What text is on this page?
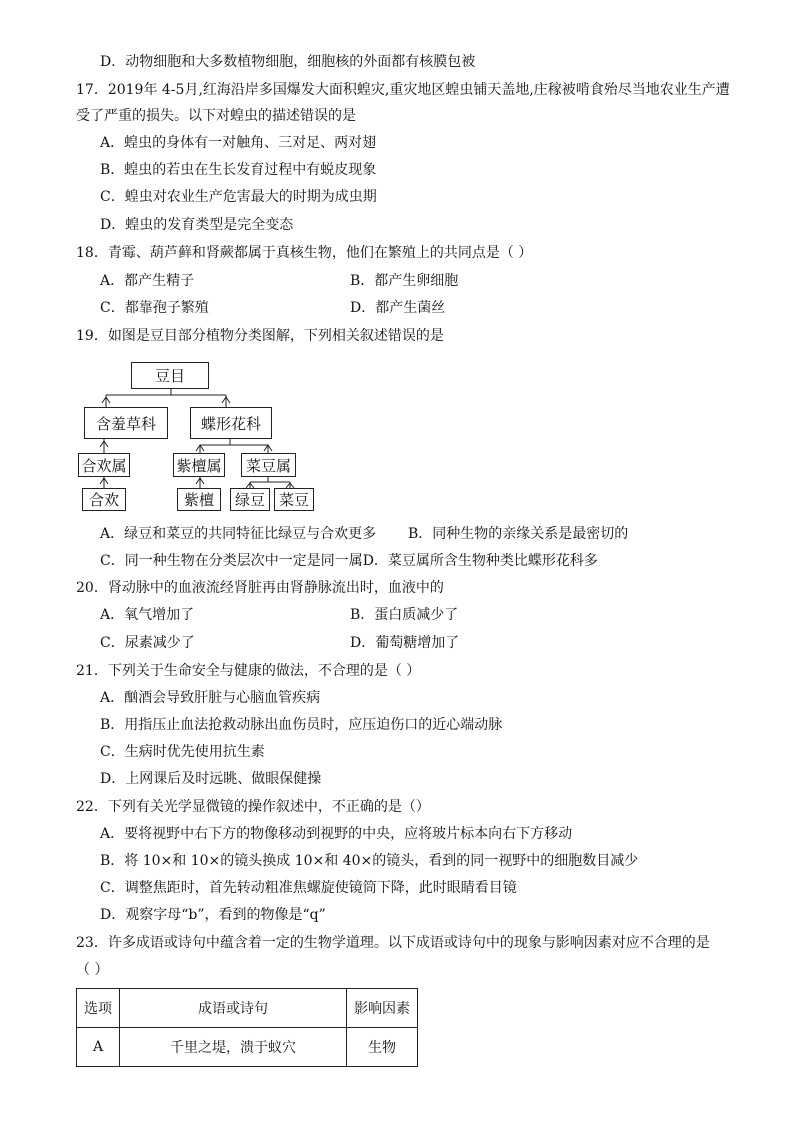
D．动物细胞和大多数植物细胞，细胞核的外面都有核膜包被
17．2019年 4-5月,红海沿岸多国爆发大面积蝗灾,重灾地区蝗虫铺天盖地,庄稼被啃食殆尽当地农业生产遭
受了严重的损失。以下对蝗虫的描述错误的是
A．蝗虫的身体有一对触角、三对足、两对翅
B．蝗虫的若虫在生长发育过程中有蜕皮现象
C．蝗虫对农业生产危害最大的时期为成虫期
D．蝗虫的发育类型是完全变态
18．青霉、葫芦藓和肾蕨都属于真核生物，他们在繁殖上的共同点是（ ）
A．都产生精子	B．都产生卵细胞
C．都靠孢子繁殖	D．都产生菌丝
19．如图是豆目部分植物分类图解，下列相关叙述错误的是
豆目
含羞草科	蝶形花科
合欢属	紫檀属	菜豆属
合欢	紫檀	绿豆 菜豆
A．绿豆和菜豆的共同特征比绿豆与合欢更多 B．同种生物的亲缘关系是最密切的
C．同一种生物在分类层次中一定是同一属D．菜豆属所含生物种类比蝶形花科多
20．肾动脉中的血液流经肾脏再由肾静脉流出时，血液中的
A．氧气增加了	B．蛋白质减少了
C．尿素减少了	D．葡萄糖增加了
21．下列关于生命安全与健康的做法，不合理的是（ ）
A．酗酒会导致肝脏与心脑血管疾病
B．用指压止血法抢救动脉出血伤员时，应压迫伤口的近心端动脉
C．生病时优先使用抗生素
D．上网课后及时远眺、做眼保健操
22．下列有关光学显微镜的操作叙述中，不正确的是（）
A．要将视野中右下方的物像移动到视野的中央，应将玻片标本向右下方移动
B．将 10×和 10×的镜头换成 10×和 40×的镜头，看到的同一视野中的细胞数目减少
C．调整焦距时，首先转动粗准焦螺旋使镜筒下降，此时眼睛看目镜
D．观察字母“b”，看到的物像是“q”
23．许多成语或诗句中蕴含着一定的生物学道理。以下成语或诗句中的现象与影响因素对应不合理的是
（ ）
选项	成语或诗句	影响因素
A	千里之堤，溃于蚁穴	生物
